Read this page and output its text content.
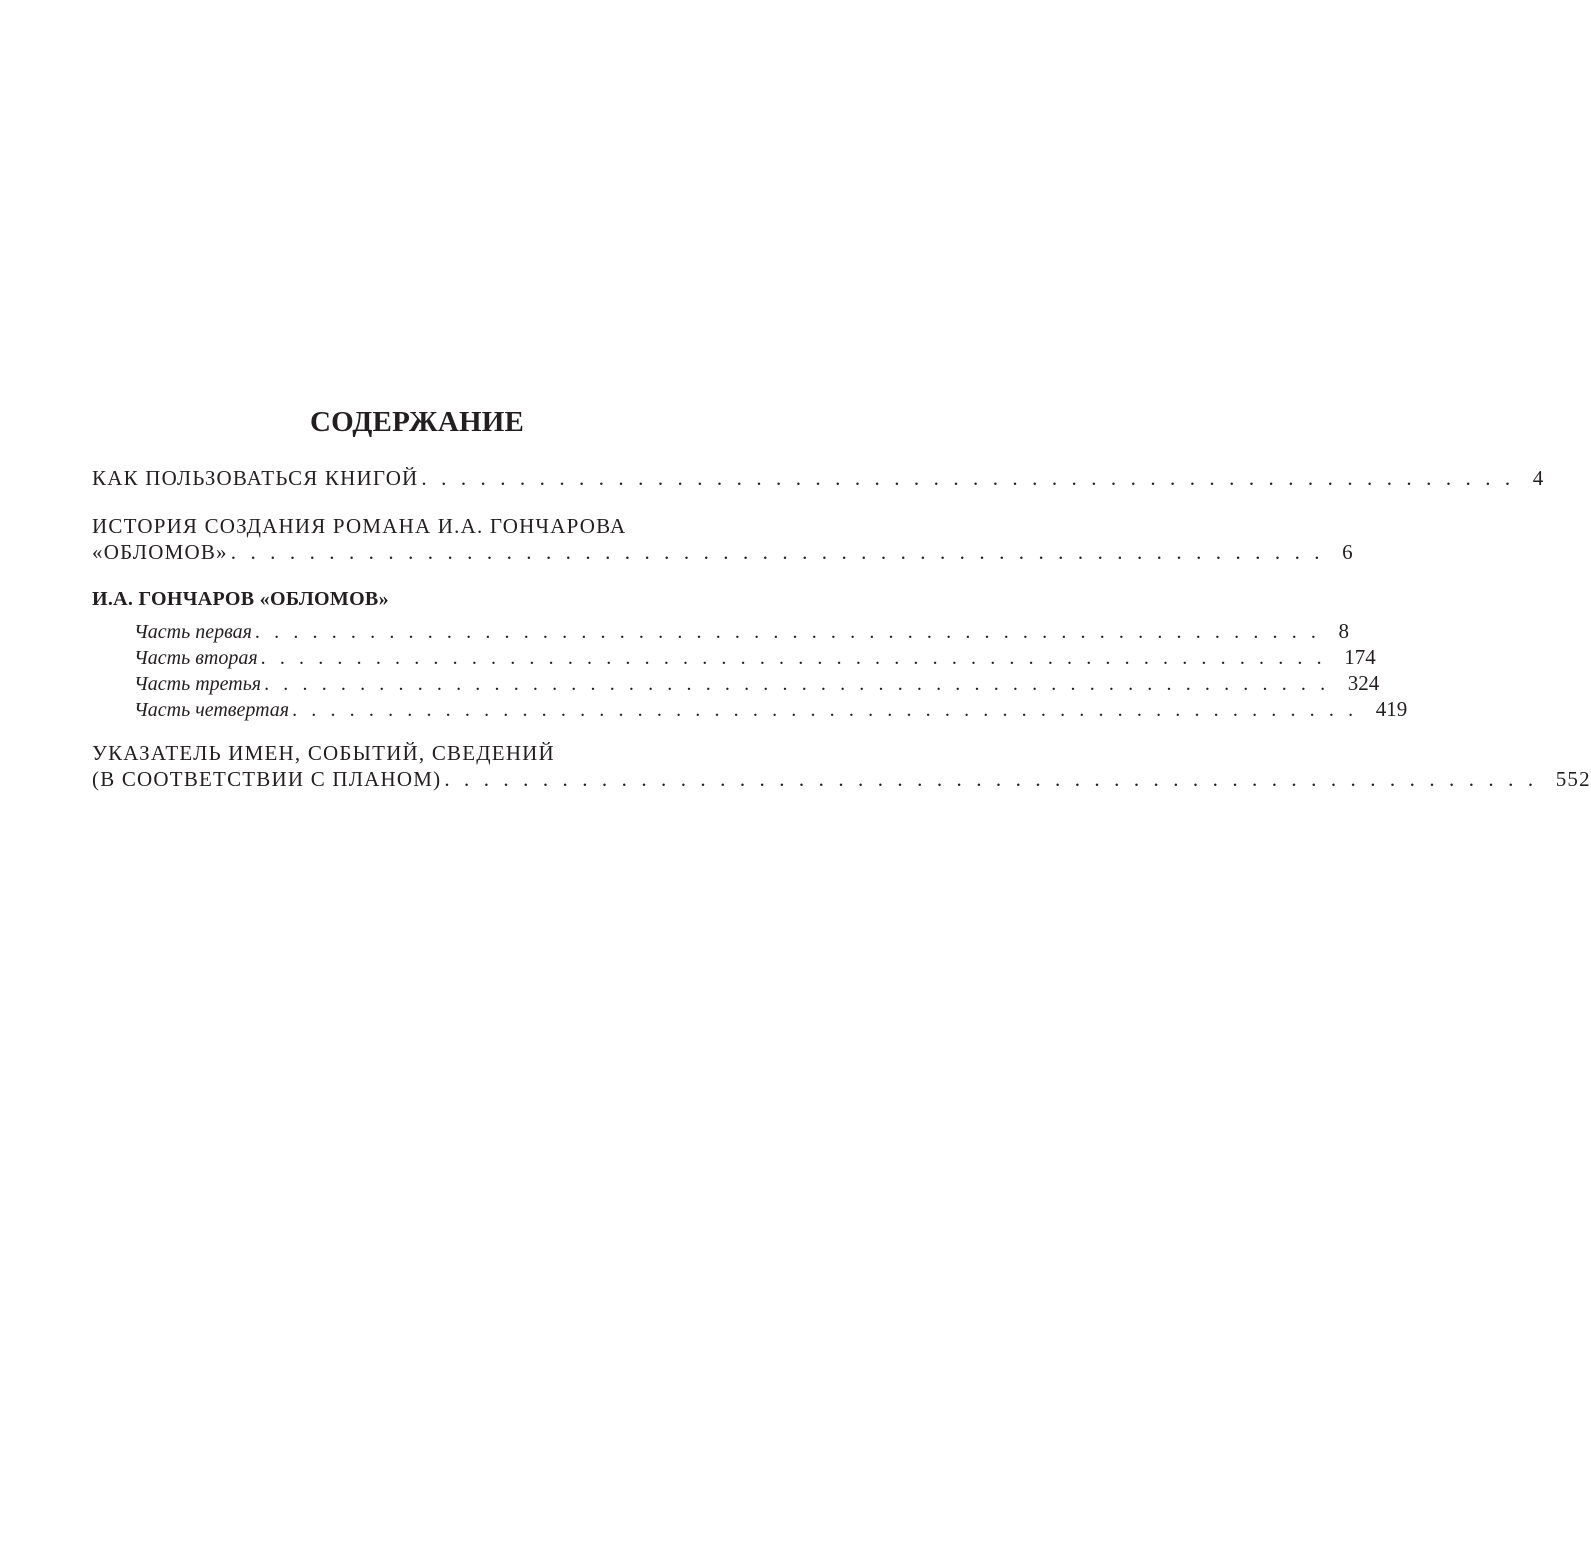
СОДЕРЖАНИЕ
КАК ПОЛЬЗОВАТЬСЯ КНИГОЙ . . . . . . . . . . . . . . . . . . . . . . . . . . . . . . . . . . . . . . . . . . . . . . . . . . . . . . . . 4
ИСТОРИЯ СОЗДАНИЯ РОМАНА И.А. ГОНЧАРОВА
«ОБЛОМОВ» . . . . . . . . . . . . . . . . . . . . . . . . . . . . . . . . . . . . . . . . . . . . . . . . . . . . . . . . 6
И.А. ГОНЧАРОВ «ОБЛОМОВ»
Часть первая . . . . . . . . . . . . . . . . . . . . . . . . . . . . . . . . . . . . . . . . . . . . . . . . . . . . . . . . 8
Часть вторая . . . . . . . . . . . . . . . . . . . . . . . . . . . . . . . . . . . . . . . . . . . . . . . . . . . . . . . . 174
Часть третья . . . . . . . . . . . . . . . . . . . . . . . . . . . . . . . . . . . . . . . . . . . . . . . . . . . . . . . . 324
Часть четвертая . . . . . . . . . . . . . . . . . . . . . . . . . . . . . . . . . . . . . . . . . . . . . . . . . . . . . . . . 419
УКАЗАТЕЛЬ ИМЕН, СОБЫТИЙ, СВЕДЕНИЙ
(В СООТВЕТСТВИИ С ПЛАНОМ) . . . . . . . . . . . . . . . . . . . . . . . . . . . . . . . . . . . . . . . . . . . . . . . . . . . . . . . . 552
